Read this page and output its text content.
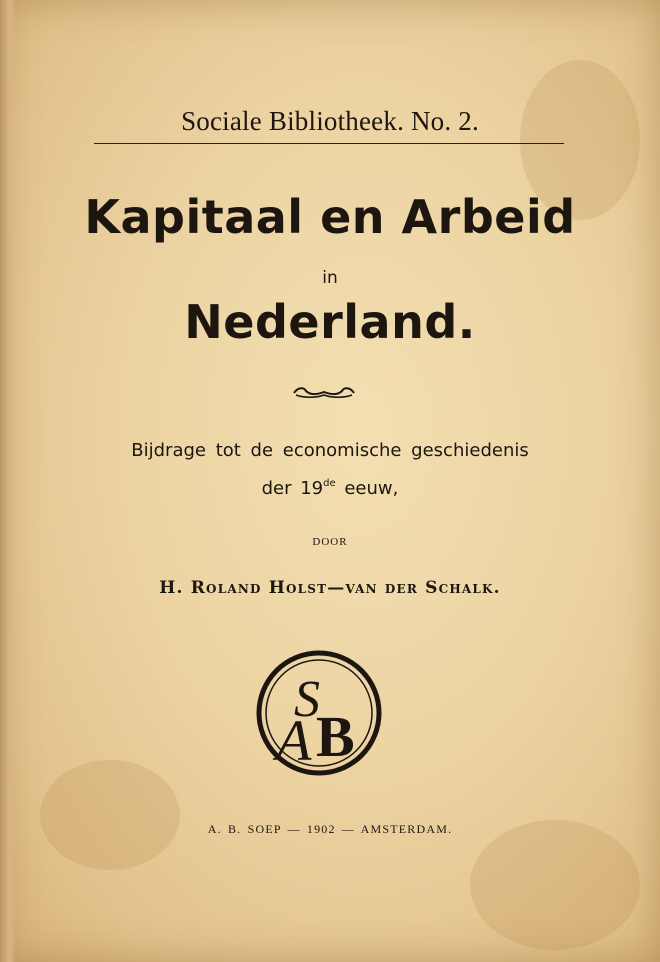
Sociale Bibliotheek. No. 2.
Kapitaal en Arbeid
in
Nederland.
Bijdrage tot de economische geschiedenis
der 19de eeuw,
DOOR
H. Roland Holst—van der Schalk.
S
A B
A. B. SOEP — 1902 — AMSTERDAM.
